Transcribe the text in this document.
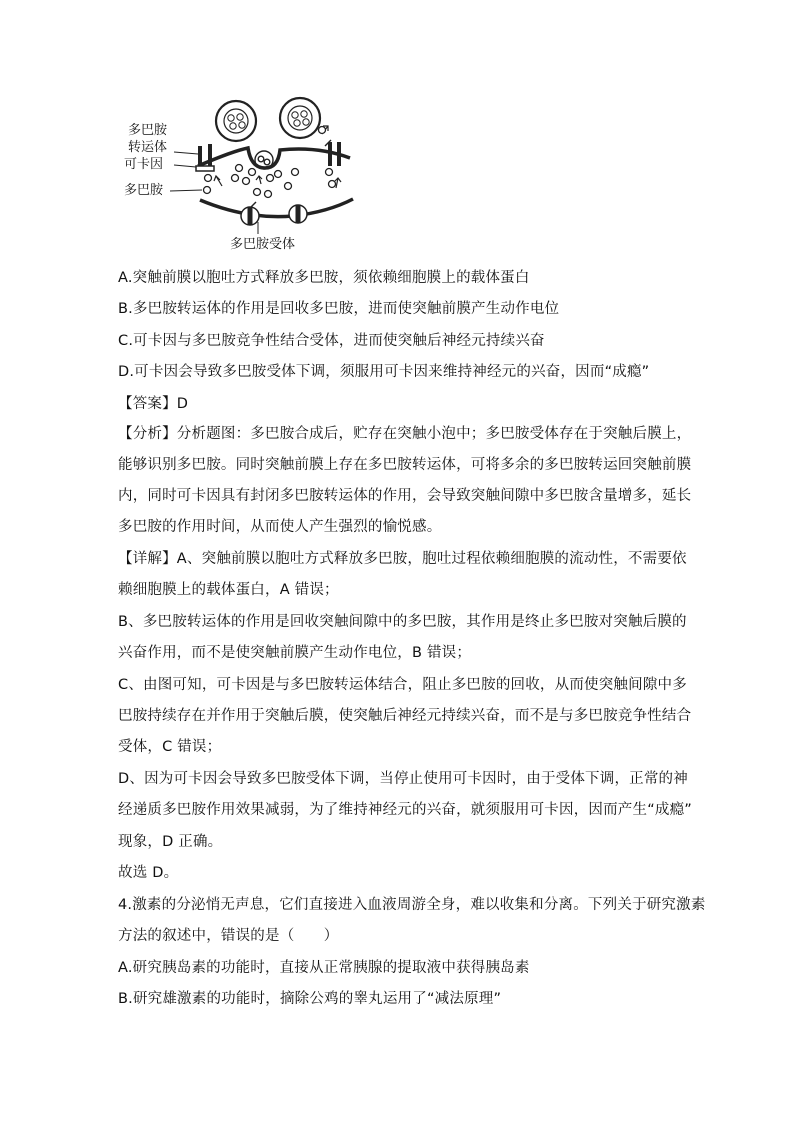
多巴胺
转运体
可卡因
多巴胺
多巴胺受体
A.突触前膜以胞吐方式释放多巴胺，须依赖细胞膜上的载体蛋白
B.多巴胺转运体的作用是回收多巴胺，进而使突触前膜产生动作电位
C.可卡因与多巴胺竞争性结合受体，进而使突触后神经元持续兴奋
D.可卡因会导致多巴胺受体下调，须服用可卡因来维持神经元的兴奋，因而“成瘾”
【答案】D
【分析】分析题图：多巴胺合成后，贮存在突触小泡中；多巴胺受体存在于突触后膜上，
能够识别多巴胺。同时突触前膜上存在多巴胺转运体，可将多余的多巴胺转运回突触前膜
内，同时可卡因具有封闭多巴胺转运体的作用，会导致突触间隙中多巴胺含量增多，延长
多巴胺的作用时间，从而使人产生强烈的愉悦感。
【详解】A、突触前膜以胞吐方式释放多巴胺，胞吐过程依赖细胞膜的流动性，不需要依
赖细胞膜上的载体蛋白，A 错误；
B、多巴胺转运体的作用是回收突触间隙中的多巴胺，其作用是终止多巴胺对突触后膜的
兴奋作用，而不是使突触前膜产生动作电位，B 错误；
C、由图可知，可卡因是与多巴胺转运体结合，阻止多巴胺的回收，从而使突触间隙中多
巴胺持续存在并作用于突触后膜，使突触后神经元持续兴奋，而不是与多巴胺竞争性结合
受体，C 错误；
D、因为可卡因会导致多巴胺受体下调，当停止使用可卡因时，由于受体下调，正常的神
经递质多巴胺作用效果减弱，为了维持神经元的兴奋，就须服用可卡因，因而产生“成瘾”
现象，D 正确。
故选 D。
4.激素的分泌悄无声息，它们直接进入血液周游全身，难以收集和分离。下列关于研究激素
方法的叙述中，错误的是（　　）
A.研究胰岛素的功能时，直接从正常胰腺的提取液中获得胰岛素
B.研究雄激素的功能时，摘除公鸡的睾丸运用了“减法原理”
